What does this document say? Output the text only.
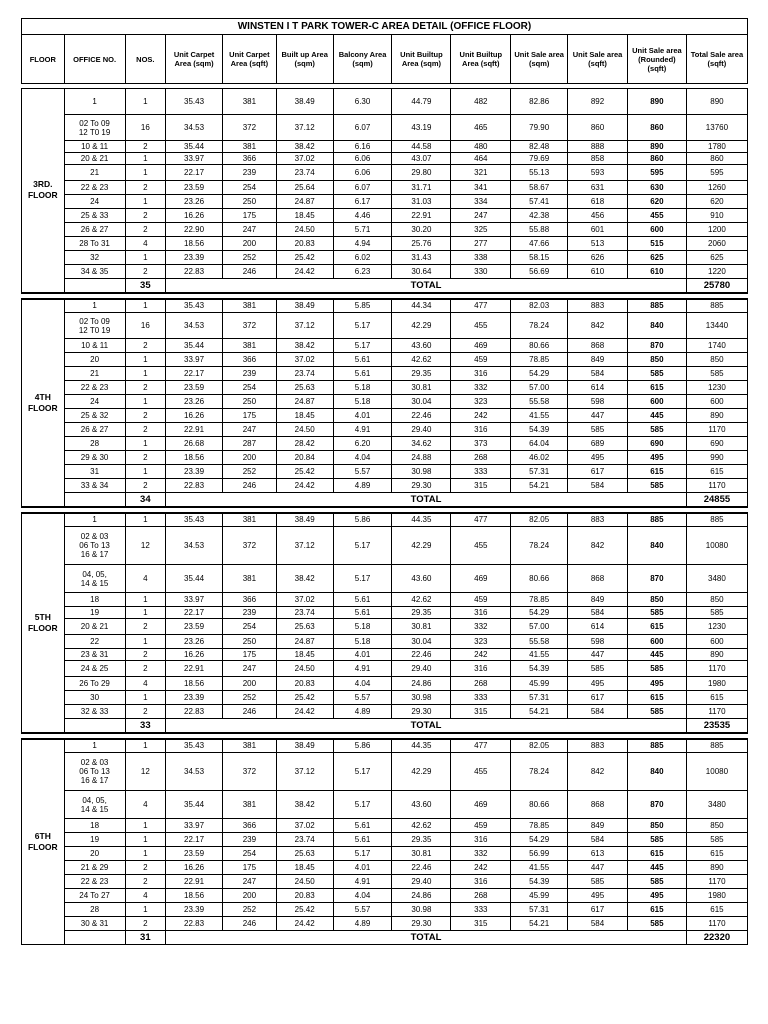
WINSTEN I T PARK TOWER-C AREA DETAIL (OFFICE FLOOR)												
FLOOR	OFFICE NO.	NOS.	Unit Carpet Area (sqm)	Unit Carpet Area (sqft)	Built up Area (sqm)	Balcony Area (sqm)	Unit Builtup Area (sqm)	Unit Builtup Area (sqft)	Unit Sale area (sqm)	Unit Sale area (sqft)	Unit Sale area (Rounded) (sqft)	Total Sale area (sqft)

3RD. FLOOR	1	1	35.43	381	38.49	6.30	44.79	482	82.86	892	890	890
	02 To 09
12 T0 19	16	34.53	372	37.12	6.07	43.19	465	79.90	860	860	13760
	10 & 11	2	35.44	381	38.42	6.16	44.58	480	82.48	888	890	1780
	20 & 21	1	33.97	366	37.02	6.06	43.07	464	79.69	858	860	860
	21	1	22.17	239	23.74	6.06	29.80	321	55.13	593	595	595
	22 & 23	2	23.59	254	25.64	6.07	31.71	341	58.67	631	630	1260
	24	1	23.26	250	24.87	6.17	31.03	334	57.41	618	620	620
	25 & 33	2	16.26	175	18.45	4.46	22.91	247	42.38	456	455	910
	26 & 27	2	22.90	247	24.50	5.71	30.20	325	55.88	601	600	1200
	28 To 31	4	18.56	200	20.83	4.94	25.76	277	47.66	513	515	2060
	32	1	23.39	252	25.42	6.02	31.43	338	58.15	626	625	625
	34 & 35	2	22.83	246	24.42	6.23	30.64	330	56.69	610	610	1220
		35	TOTAL									25780

4TH FLOOR	1	1	35.43	381	38.49	5.85	44.34	477	82.03	883	885	885
	02 To 09
12 T0 19	16	34.53	372	37.12	5.17	42.29	455	78.24	842	840	13440
	10 & 11	2	35.44	381	38.42	5.17	43.60	469	80.66	868	870	1740
	20	1	33.97	366	37.02	5.61	42.62	459	78.85	849	850	850
	21	1	22.17	239	23.74	5.61	29.35	316	54.29	584	585	585
	22 & 23	2	23.59	254	25.63	5.18	30.81	332	57.00	614	615	1230
	24	1	23.26	250	24.87	5.18	30.04	323	55.58	598	600	600
	25 & 32	2	16.26	175	18.45	4.01	22.46	242	41.55	447	445	890
	26 & 27	2	22.91	247	24.50	4.91	29.40	316	54.39	585	585	1170
	28	1	26.68	287	28.42	6.20	34.62	373	64.04	689	690	690
	29 & 30	2	18.56	200	20.84	4.04	24.88	268	46.02	495	495	990
	31	1	23.39	252	25.42	5.57	30.98	333	57.31	617	615	615
	33 & 34	2	22.83	246	24.42	4.89	29.30	315	54.21	584	585	1170
		34	TOTAL									24855

5TH FLOOR	1	1	35.43	381	38.49	5.86	44.35	477	82.05	883	885	885
	02 & 03
06 To 13
16 & 17	12	34.53	372	37.12	5.17	42.29	455	78.24	842	840	10080
	04, 05,
14 & 15	4	35.44	381	38.42	5.17	43.60	469	80.66	868	870	3480
	18	1	33.97	366	37.02	5.61	42.62	459	78.85	849	850	850
	19	1	22.17	239	23.74	5.61	29.35	316	54.29	584	585	585
	20 & 21	2	23.59	254	25.63	5.18	30.81	332	57.00	614	615	1230
	22	1	23.26	250	24.87	5.18	30.04	323	55.58	598	600	600
	23 & 31	2	16.26	175	18.45	4.01	22.46	242	41.55	447	445	890
	24 & 25	2	22.91	247	24.50	4.91	29.40	316	54.39	585	585	1170
	26 To 29	4	18.56	200	20.83	4.04	24.86	268	45.99	495	495	1980
	30	1	23.39	252	25.42	5.57	30.98	333	57.31	617	615	615
	32 & 33	2	22.83	246	24.42	4.89	29.30	315	54.21	584	585	1170
		33	TOTAL									23535

6TH FLOOR	1	1	35.43	381	38.49	5.86	44.35	477	82.05	883	885	885
	02 & 03
06 To 13
16 & 17	12	34.53	372	37.12	5.17	42.29	455	78.24	842	840	10080
	04, 05,
14 & 15	4	35.44	381	38.42	5.17	43.60	469	80.66	868	870	3480
	18	1	33.97	366	37.02	5.61	42.62	459	78.85	849	850	850
	19	1	22.17	239	23.74	5.61	29.35	316	54.29	584	585	585
	20	1	23.59	254	25.63	5.17	30.81	332	56.99	613	615	615
	21 & 29	2	16.26	175	18.45	4.01	22.46	242	41.55	447	445	890
	22 & 23	2	22.91	247	24.50	4.91	29.40	316	54.39	585	585	1170
	24 To 27	4	18.56	200	20.83	4.04	24.86	268	45.99	495	495	1980
	28	1	23.39	252	25.42	5.57	30.98	333	57.31	617	615	615
	30 & 31	2	22.83	246	24.42	4.89	29.30	315	54.21	584	585	1170
		31	TOTAL									22320
